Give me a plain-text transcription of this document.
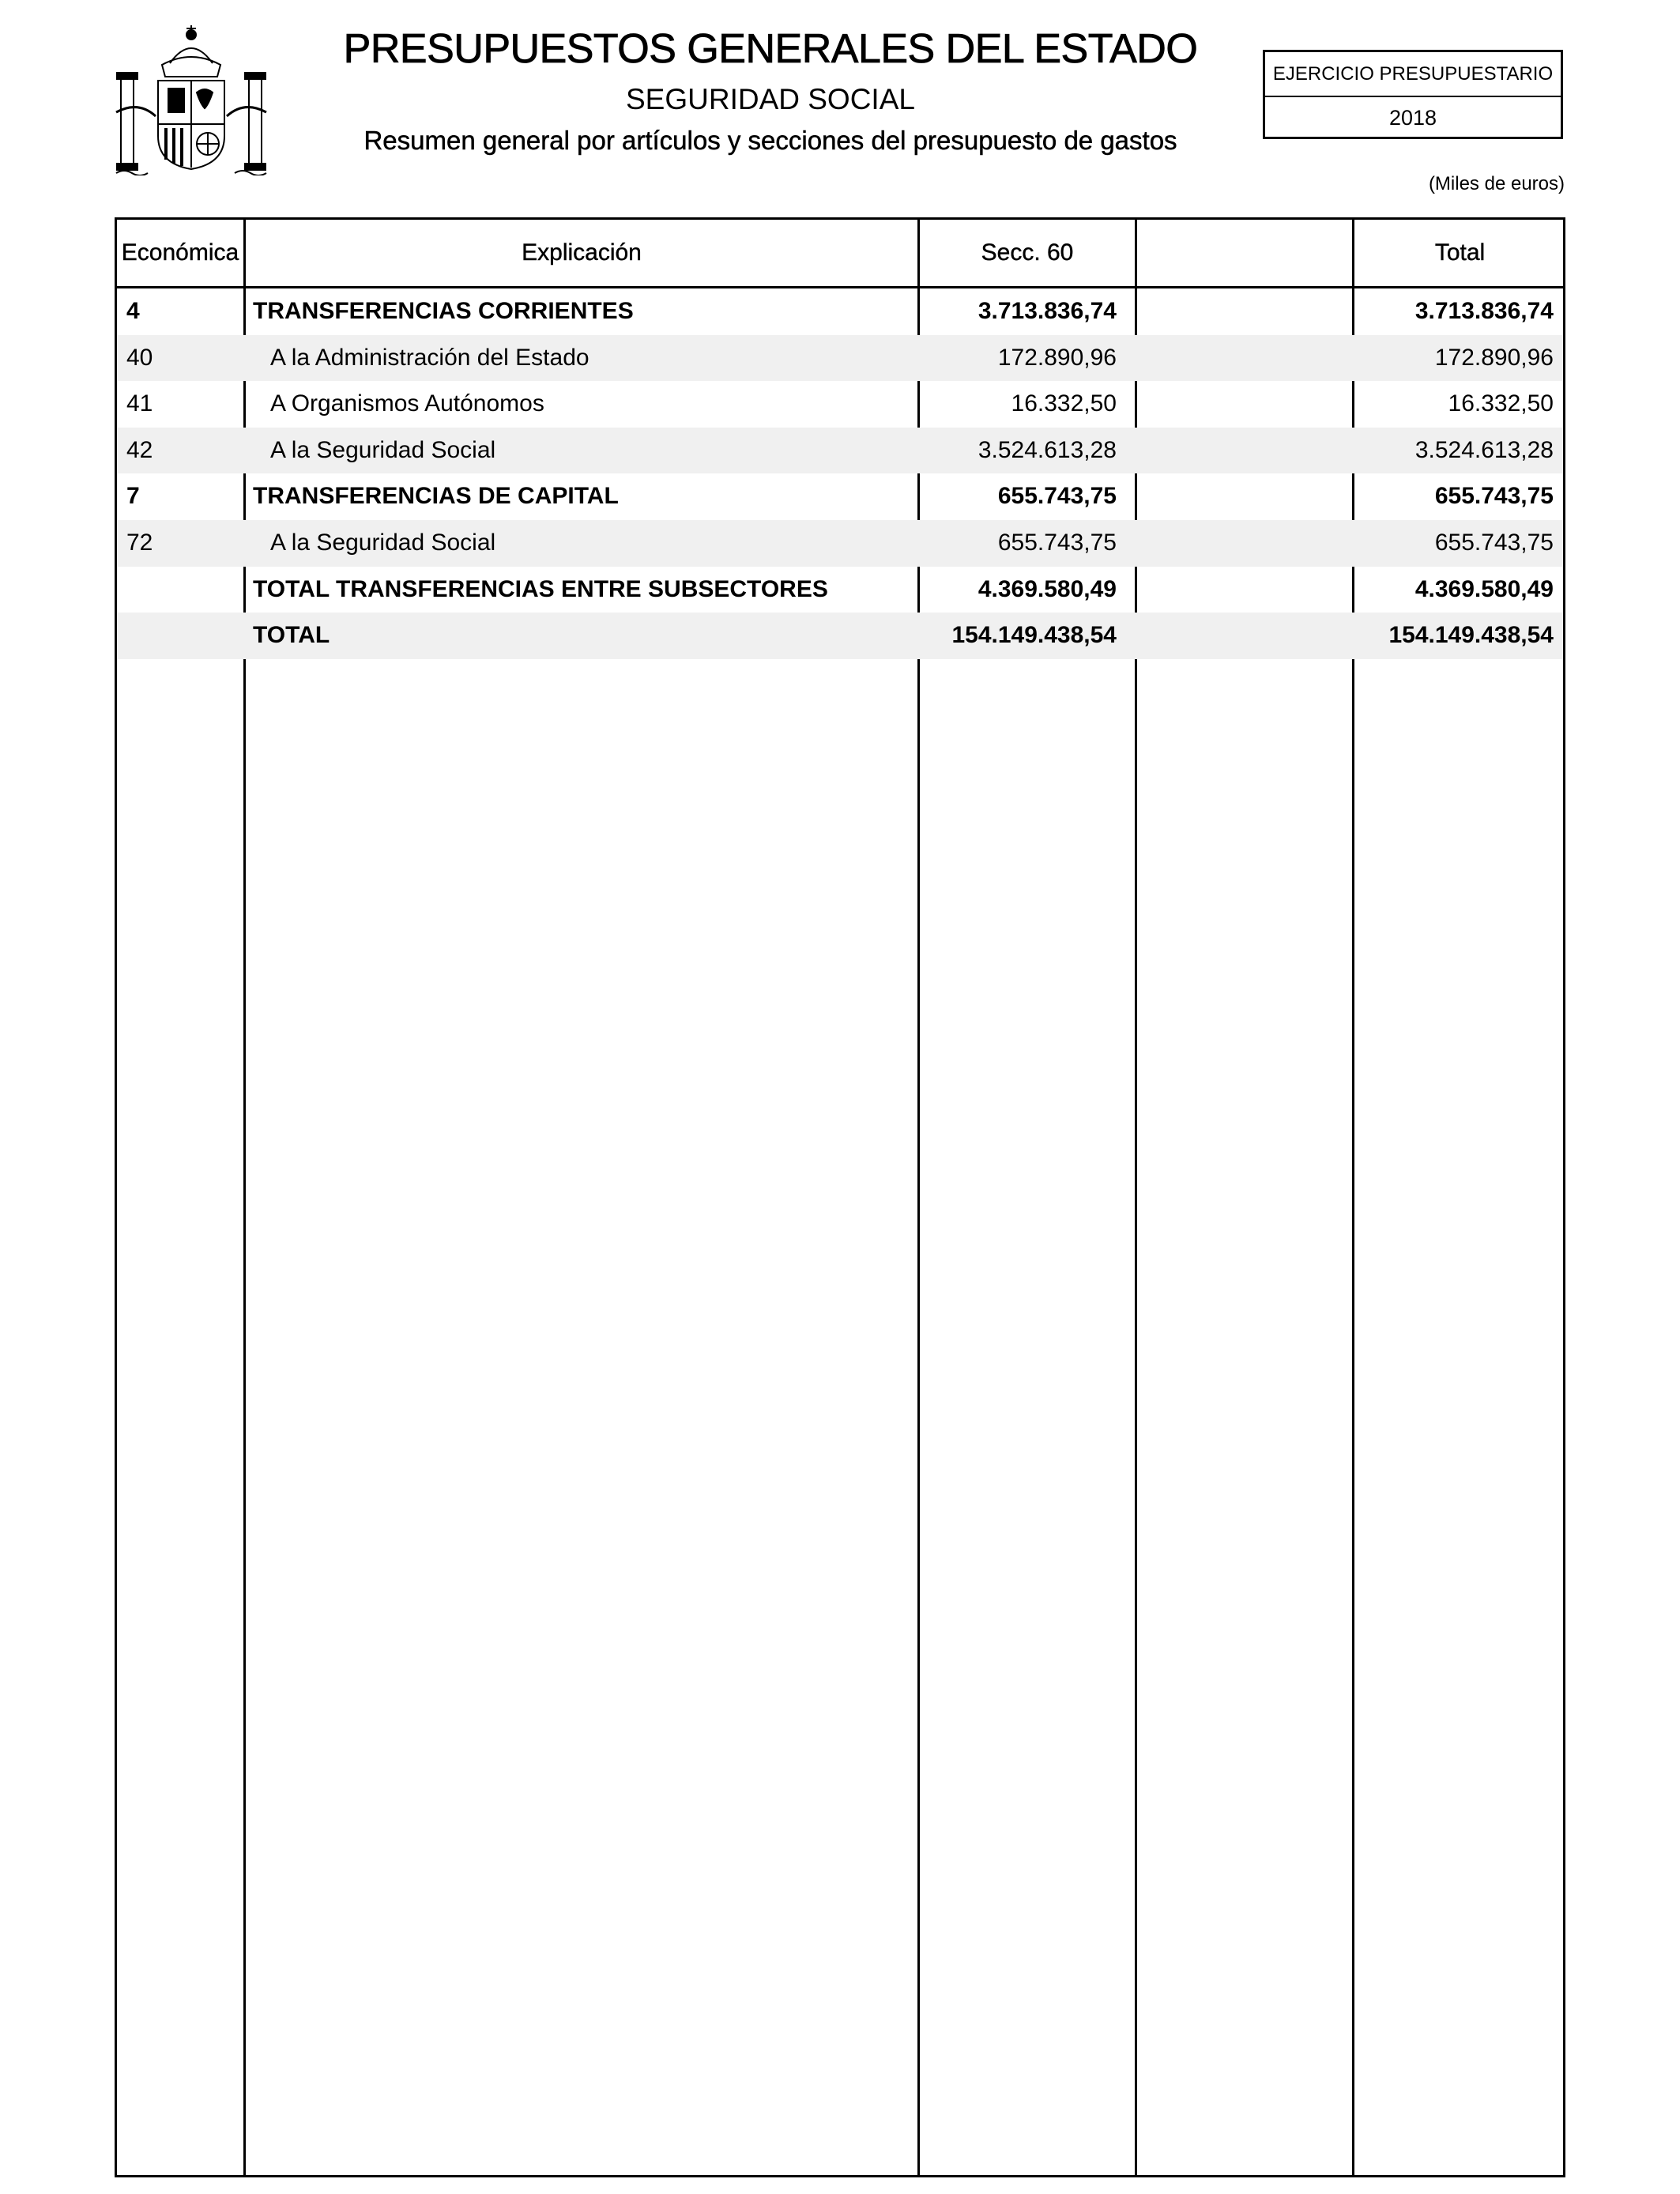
PRESUPUESTOS GENERALES DEL ESTADO
SEGURIDAD SOCIAL
Resumen general por artículos y secciones del presupuesto de gastos
EJERCICIO PRESUPUESTARIO
2018
(Miles de euros)
Económica	Explicación	Secc. 60	Total
4	TRANSFERENCIAS CORRIENTES	3.713.836,74	3.713.836,74
40	A la Administración del Estado	172.890,96	172.890,96
41	A Organismos Autónomos	16.332,50	16.332,50
42	A la Seguridad Social	3.524.613,28	3.524.613,28
7	TRANSFERENCIAS DE CAPITAL	655.743,75	655.743,75
72	A la Seguridad Social	655.743,75	655.743,75
TOTAL TRANSFERENCIAS ENTRE SUBSECTORES	4.369.580,49	4.369.580,49
TOTAL	154.149.438,54	154.149.438,54
